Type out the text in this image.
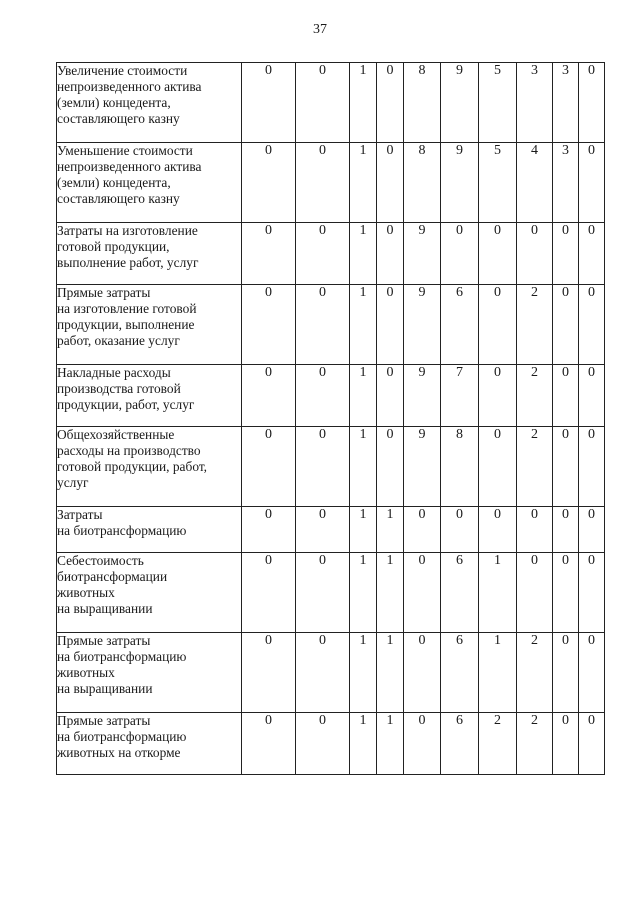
37
Увеличение стоимости
непроизведенного актива
(земли) концедента,
составляющего казну	0	0	1	0	8	9	5	3	3	0
Уменьшение стоимости
непроизведенного актива
(земли) концедента,
составляющего казну	0	0	1	0	8	9	5	4	3	0
Затраты на изготовление
готовой продукции,
выполнение работ, услуг	0	0	1	0	9	0	0	0	0	0
Прямые затраты
на изготовление готовой
продукции, выполнение
работ, оказание услуг	0	0	1	0	9	6	0	2	0	0
Накладные расходы
производства готовой
продукции, работ, услуг	0	0	1	0	9	7	0	2	0	0
Общехозяйственные
расходы на производство
готовой продукции, работ,
услуг	0	0	1	0	9	8	0	2	0	0
Затраты
на биотрансформацию	0	0	1	1	0	0	0	0	0	0
Себестоимость
биотрансформации
животных
на выращивании	0	0	1	1	0	6	1	0	0	0
Прямые затраты
на биотрансформацию
животных
на выращивании	0	0	1	1	0	6	1	2	0	0
Прямые затраты
на биотрансформацию
животных на откорме	0	0	1	1	0	6	2	2	0	0
